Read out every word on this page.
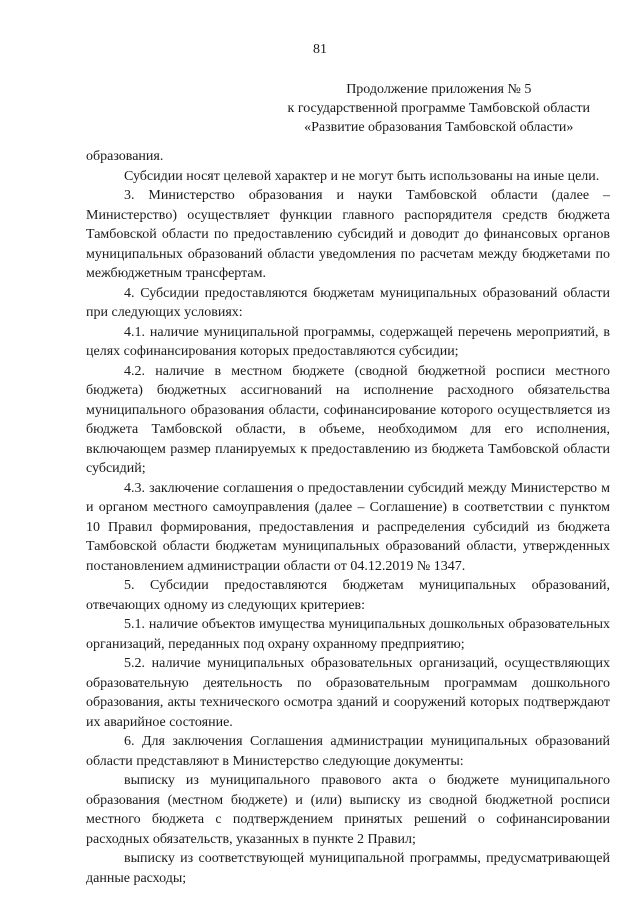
81
Продолжение приложения № 5
к государственной программе Тамбовской области
«Развитие образования Тамбовской области»

образования.

Субсидии носят целевой характер и не могут быть использованы на иные цели.

3. Министерство образования и науки Тамбовской области (далее – Министерство) осуществляет функции главного распорядителя средств бюджета Тамбовской области по предоставлению субсидий и доводит до финансовых органов муниципальных образований области уведомления по расчетам между бюджетами по межбюджетным трансфертам.

4. Субсидии предоставляются бюджетам муниципальных образований области при следующих условиях:

4.1. наличие муниципальной программы, содержащей перечень мероприятий, в целях софинансирования которых предоставляются субсидии;

4.2. наличие в местном бюджете (сводной бюджетной росписи местного бюджета) бюджетных ассигнований на исполнение расходного обязательства муниципального образования области, софинансирование которого осуществляется из бюджета Тамбовской области, в объеме, необходимом для его исполнения, включающем размер планируемых к предоставлению из бюджета Тамбовской области субсидий;

4.3. заключение соглашения о предоставлении субсидий между Министерство м и органом местного самоуправления (далее – Соглашение) в соответствии с пунктом 10 Правил формирования, предоставления и распределения субсидий из бюджета Тамбовской области бюджетам муниципальных образований области, утвержденных постановлением администрации области от 04.12.2019 № 1347.

5. Субсидии предоставляются бюджетам муниципальных образований, отвечающих одному из следующих критериев:

5.1. наличие объектов имущества муниципальных дошкольных образовательных организаций, переданных под охрану охранному предприятию;

5.2. наличие муниципальных образовательных организаций, осуществляющих образовательную деятельность по образовательным программам дошкольного образования, акты технического осмотра зданий и сооружений которых подтверждают их аварийное состояние.

6. Для заключения Соглашения администрации муниципальных образований области представляют в Министерство следующие документы:

выписку из муниципального правового акта о бюджете муниципального образования (местном бюджете) и (или) выписку из сводной бюджетной росписи местного бюджета с подтверждением принятых решений о софинансировании расходных обязательств, указанных в пункте 2 Правил;

выписку из соответствующей муниципальной программы, предусматривающей данные расходы;
